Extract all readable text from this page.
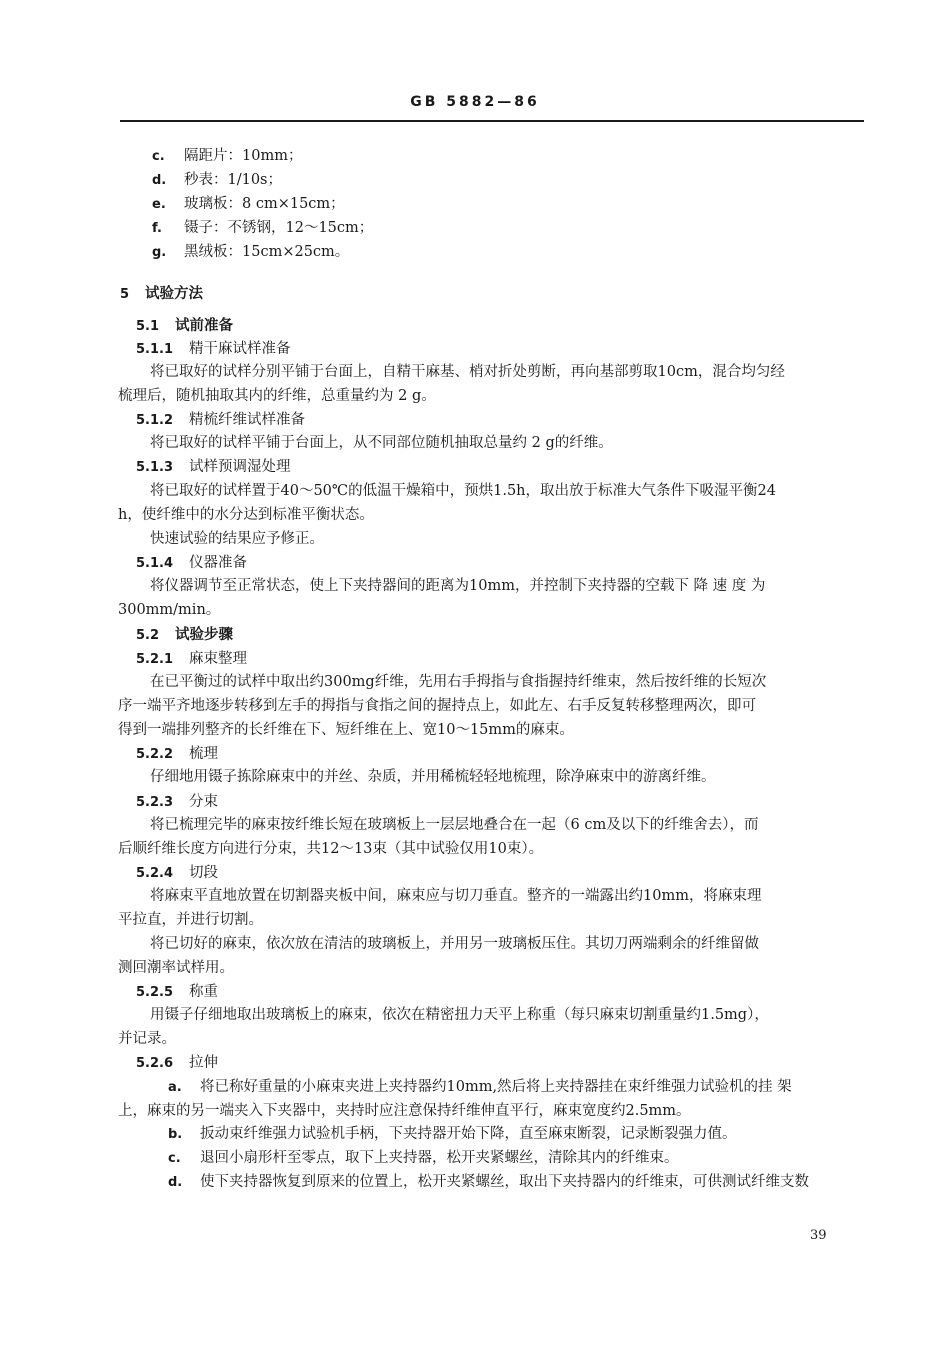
GB 5882—86
c. 隔距片：10mm；
d. 秒表：1/10s；
e. 玻璃板：8 cm×15cm；
f. 镊子：不锈钢，12～15cm；
g. 黑绒板：15cm×25cm。
5 试验方法
5.1 试前准备
5.1.1 精干麻试样准备
将已取好的试样分别平铺于台面上，自精干麻基、梢对折处剪断，再向基部剪取10cm，混合均匀经
梳理后，随机抽取其内的纤维，总重量约为 2 g。
5.1.2 精梳纤维试样准备
将已取好的试样平铺于台面上，从不同部位随机抽取总量约 2 g的纤维。
5.1.3 试样预调湿处理
将已取好的试样置于40～50℃的低温干燥箱中，预烘1.5h，取出放于标准大气条件下吸湿平衡24
h，使纤维中的水分达到标准平衡状态。
快速试验的结果应予修正。
5.1.4 仪器准备
将仪器调节至正常状态，使上下夹持器间的距离为10mm，并控制下夹持器的空载下 降 速 度 为
300mm/min。
5.2 试验步骤
5.2.1 麻束整理
在已平衡过的试样中取出约300mg纤维，先用右手拇指与食指握持纤维束，然后按纤维的长短次
序一端平齐地逐步转移到左手的拇指与食指之间的握持点上，如此左、右手反复转移整理两次，即可
得到一端排列整齐的长纤维在下、短纤维在上、宽10～15mm的麻束。
5.2.2 梳理
仔细地用镊子拣除麻束中的并丝、杂质，并用稀梳轻轻地梳理，除净麻束中的游离纤维。
5.2.3 分束
将已梳理完毕的麻束按纤维长短在玻璃板上一层层地叠合在一起（6 cm及以下的纤维舍去），而
后顺纤维长度方向进行分束，共12～13束（其中试验仅用10束）。
5.2.4 切段
将麻束平直地放置在切割器夹板中间，麻束应与切刀垂直。整齐的一端露出约10mm，将麻束理
平拉直，并进行切割。
将已切好的麻束，依次放在清洁的玻璃板上，并用另一玻璃板压住。其切刀两端剩余的纤维留做
测回潮率试样用。
5.2.5 称重
用镊子仔细地取出玻璃板上的麻束，依次在精密扭力天平上称重（每只麻束切割重量约1.5mg），
并记录。
5.2.6 拉伸
a. 将已称好重量的小麻束夹进上夹持器约10mm,然后将上夹持器挂在束纤维强力试验机的挂 架
上，麻束的另一端夹入下夹器中，夹持时应注意保持纤维伸直平行，麻束宽度约2.5mm。
b. 扳动束纤维强力试验机手柄，下夹持器开始下降，直至麻束断裂，记录断裂强力值。
c. 退回小扇形杆至零点，取下上夹持器，松开夹紧螺丝，清除其内的纤维束。
d. 使下夹持器恢复到原来的位置上，松开夹紧螺丝，取出下夹持器内的纤维束，可供测试纤维支数
39
